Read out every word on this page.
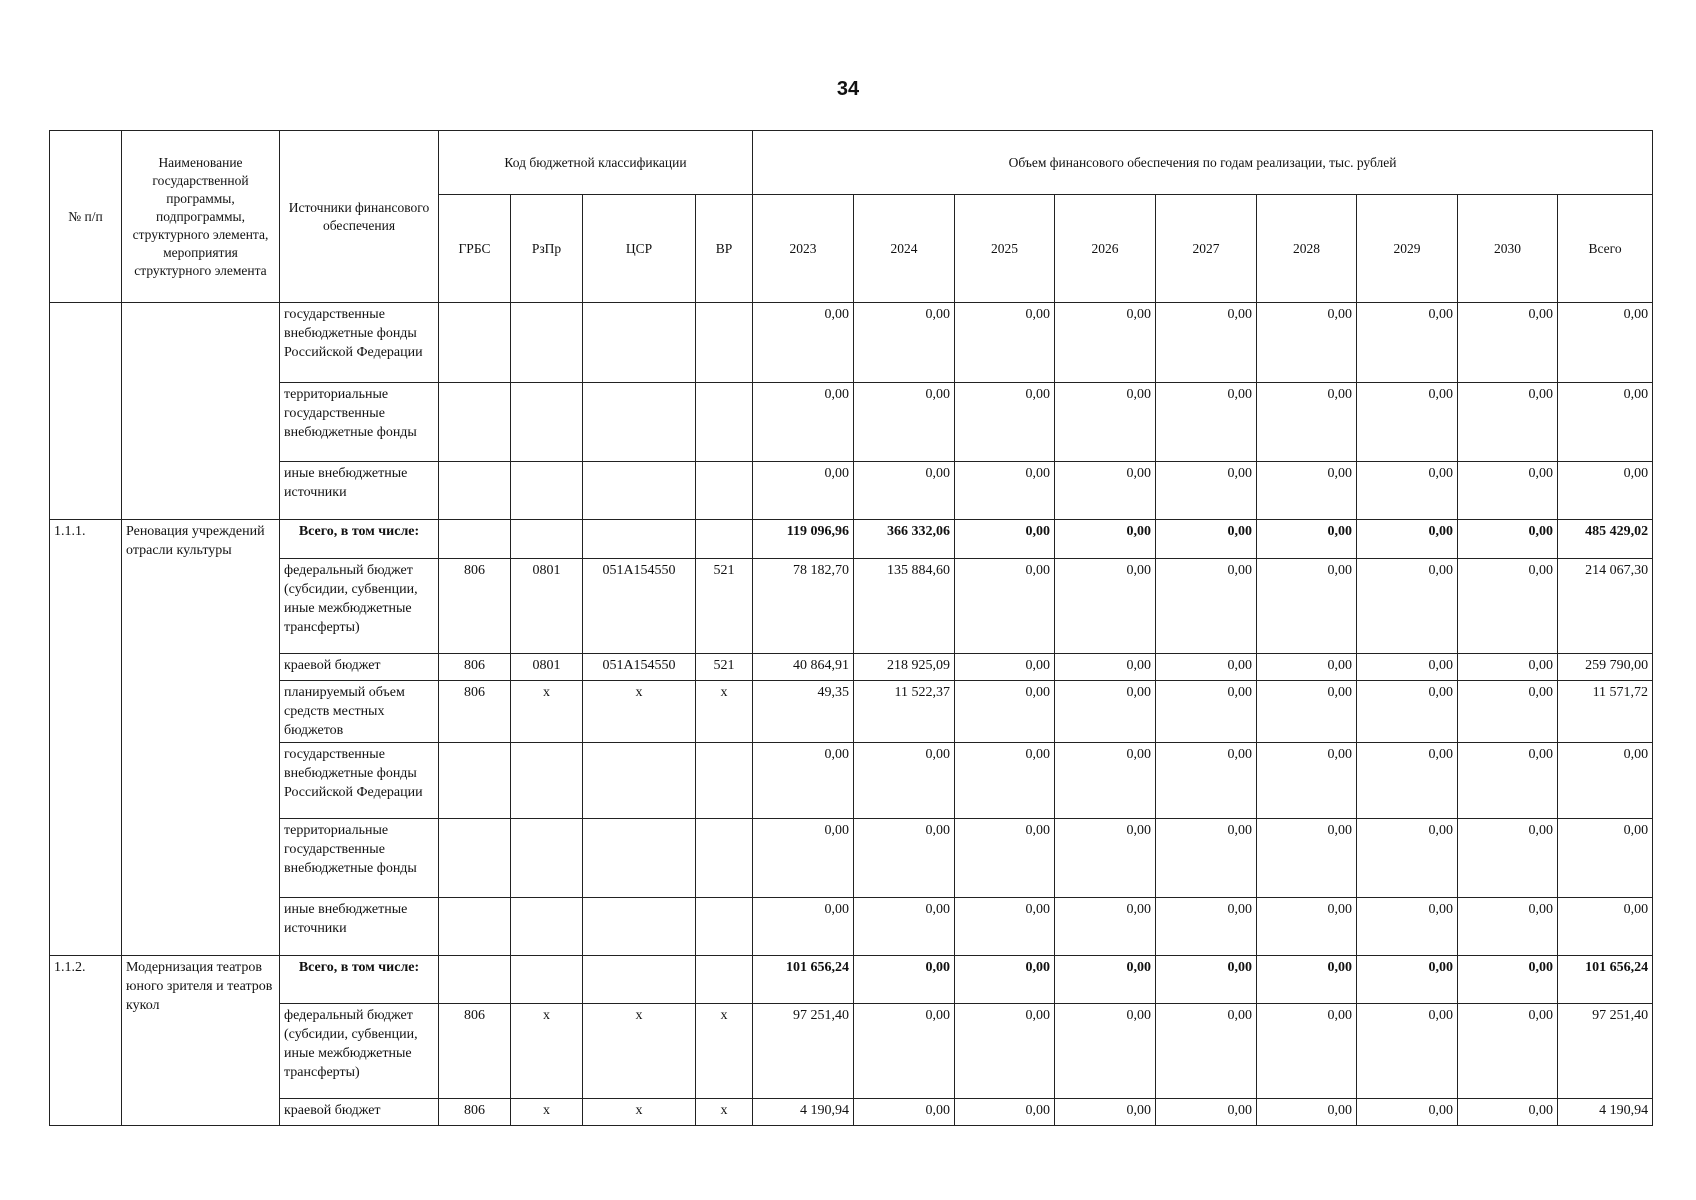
34
№ п/п	Наименование государственной программы, подпрограммы, структурного элемента, мероприятия структурного элемента	Источники финансового обеспечения	Код бюджетной классификации				Объем финансового обеспечения по годам реализации, тыс. рублей								
			ГРБС	РзПр	ЦСР	ВР	2023	2024	2025	2026	2027	2028	2029	2030	Всего
		государственные внебюджетные фонды Российской Федерации					0,00	0,00	0,00	0,00	0,00	0,00	0,00	0,00	0,00
		территориальные государственные внебюджетные фонды					0,00	0,00	0,00	0,00	0,00	0,00	0,00	0,00	0,00
		иные внебюджетные источники					0,00	0,00	0,00	0,00	0,00	0,00	0,00	0,00	0,00
1.1.1.	Реновация учреждений отрасли культуры	Всего, в том числе:					119 096,96	366 332,06	0,00	0,00	0,00	0,00	0,00	0,00	485 429,02
		федеральный бюджет (субсидии, субвенции, иные межбюджетные трансферты)	806	0801	051A154550	521	78 182,70	135 884,60	0,00	0,00	0,00	0,00	0,00	0,00	214 067,30
		краевой бюджет	806	0801	051A154550	521	40 864,91	218 925,09	0,00	0,00	0,00	0,00	0,00	0,00	259 790,00
		планируемый объем средств местных бюджетов	806	x	x	x	49,35	11 522,37	0,00	0,00	0,00	0,00	0,00	0,00	11 571,72
		государственные внебюджетные фонды Российской Федерации					0,00	0,00	0,00	0,00	0,00	0,00	0,00	0,00	0,00
		территориальные государственные внебюджетные фонды					0,00	0,00	0,00	0,00	0,00	0,00	0,00	0,00	0,00
		иные внебюджетные источники					0,00	0,00	0,00	0,00	0,00	0,00	0,00	0,00	0,00
1.1.2.	Модернизация театров юного зрителя и театров кукол	Всего, в том числе:					101 656,24	0,00	0,00	0,00	0,00	0,00	0,00	0,00	101 656,24
		федеральный бюджет (субсидии, субвенции, иные межбюджетные трансферты)	806	x	x	x	97 251,40	0,00	0,00	0,00	0,00	0,00	0,00	0,00	97 251,40
		краевой бюджет	806	x	x	x	4 190,94	0,00	0,00	0,00	0,00	0,00	0,00	0,00	4 190,94
